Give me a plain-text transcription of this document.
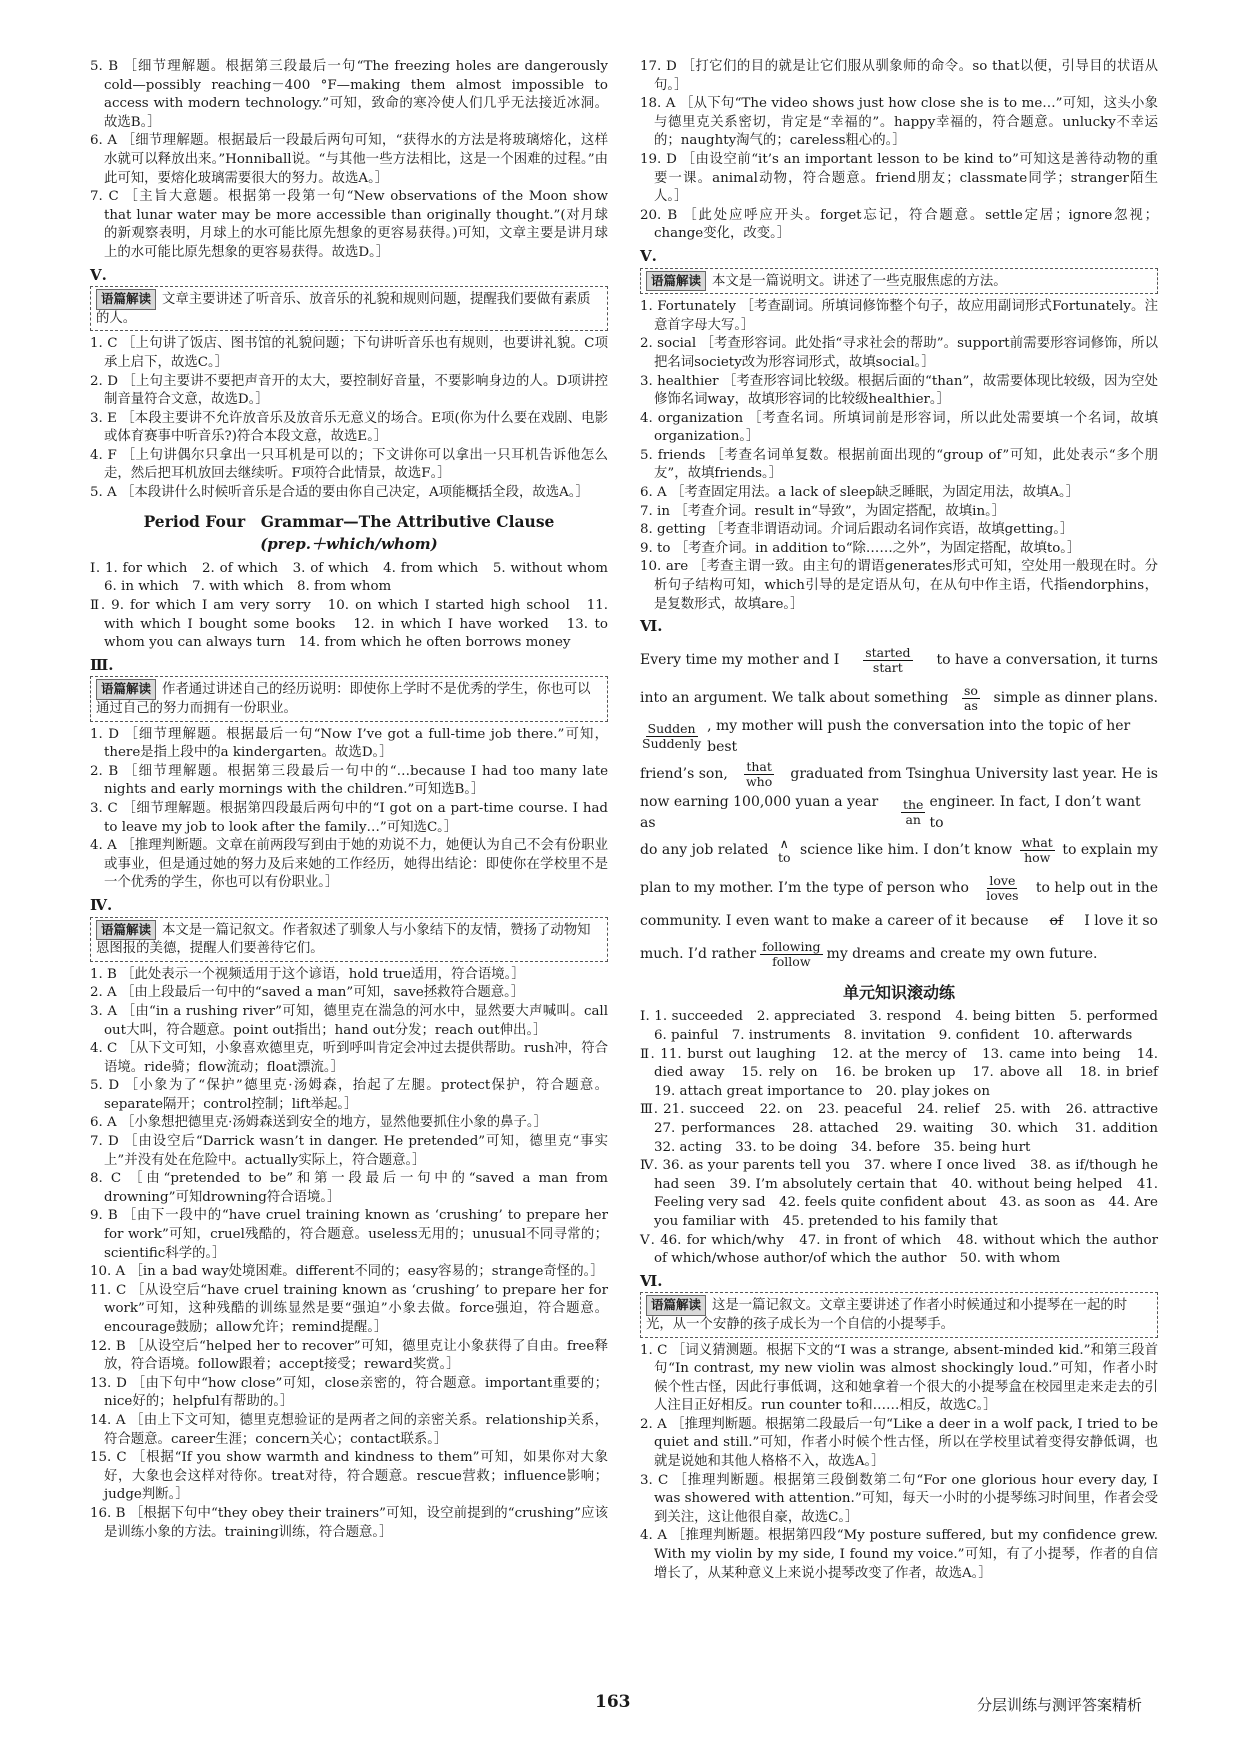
5. B ［细节理解题。根据第三段最后一句“The freezing holes are dangerously cold—possibly reaching－400 °F—making them almost impossible to access with modern technology.”可知，致命的寒冷使人们几乎无法接近冰洞。故选B。］

6. A ［细节理解题。根据最后一段最后两句可知，“获得水的方法是将玻璃熔化，这样水就可以释放出来。”Honniball说。“与其他一些方法相比，这是一个困难的过程。”由此可知，要熔化玻璃需要很大的努力。故选A。］

7. C ［主旨大意题。根据第一段第一句“New observations of the Moon show that lunar water may be more accessible than originally thought.”(对月球的新观察表明，月球上的水可能比原先想象的更容易获得。)可知，文章主要是讲月球上的水可能比原先想象的更容易获得。故选D。］

Ⅴ.
语篇解读 文章主要讲述了听音乐、放音乐的礼貌和规则问题，提醒我们要做有素质的人。

1. C ［上句讲了饭店、图书馆的礼貌问题；下句讲听音乐也有规则，也要讲礼貌。C项承上启下，故选C。］

2. D ［上句主要讲不要把声音开的太大，要控制好音量，不要影响身边的人。D项讲控制音量符合文意，故选D。］

3. E ［本段主要讲不允许放音乐及放音乐无意义的场合。E项(你为什么要在戏剧、电影或体育赛事中听音乐?)符合本段文意，故选E。］

4. F ［上句讲偶尔只拿出一只耳机是可以的；下文讲你可以拿出一只耳机告诉他怎么走，然后把耳机放回去继续听。F项符合此情景，故选F。］

5. A ［本段讲什么时候听音乐是合适的要由你自己决定，A项能概括全段，故选A。］

Period Four　Grammar—The Attributive Clause
(prep.＋which/whom)

Ⅰ. 1. for which　2. of which　3. of which　4. from which　5. without whom　6. in which　7. with which　8. from whom

Ⅱ. 9. for which I am very sorry　10. on which I started high school　11. with which I bought some books　12. in which I have worked　13. to whom you can always turn　14. from which he often borrows money

Ⅲ.
语篇解读 作者通过讲述自己的经历说明：即使你上学时不是优秀的学生，你也可以通过自己的努力而拥有一份职业。

1. D ［细节理解题。根据最后一句“Now I’ve got a full-time job there.”可知，there是指上段中的a kindergarten。故选D。］

2. B ［细节理解题。根据第三段最后一句中的“…because I had too many late nights and early mornings with the children.”可知选B。］

3. C ［细节理解题。根据第四段最后两句中的“I got on a part-time course. I had to leave my job to look after the family…”可知选C。］

4. A ［推理判断题。文章在前两段写到由于她的劝说不力，她便认为自己不会有份职业或事业，但是通过她的努力及后来她的工作经历，她得出结论：即使你在学校里不是一个优秀的学生，你也可以有份职业。］

Ⅳ.
语篇解读 本文是一篇记叙文。作者叙述了驯象人与小象结下的友情，赞扬了动物知恩图报的美德，提醒人们要善待它们。

1. B ［此处表示一个视频适用于这个谚语，hold true适用，符合语境。］

2. A ［由上段最后一句中的“saved a man”可知，save拯救符合题意。］

3. A ［由“in a rushing river”可知，德里克在湍急的河水中，显然要大声喊叫。call out大叫，符合题意。point out指出；hand out分发；reach out伸出。］

4. C ［从下文可知，小象喜欢德里克，听到呼叫肯定会冲过去提供帮助。rush冲，符合语境。ride骑；flow流动；float漂流。］

5. D ［小象为了“保护”德里克·汤姆森，抬起了左腿。protect保护，符合题意。separate隔开；control控制；lift举起。］

6. A ［小象想把德里克·汤姆森送到安全的地方，显然他要抓住小象的鼻子。］

7. D ［由设空后“Darrick wasn’t in danger. He pretended”可知，德里克“事实上”并没有处在危险中。actually实际上，符合题意。］

8. C ［由“pretended to be”和第一段最后一句中的“saved a man from drowning”可知drowning符合语境。］

9. B ［由下一段中的“have cruel training known as ‘crushing’ to prepare her for work”可知，cruel残酷的，符合题意。useless无用的；unusual不同寻常的；scientific科学的。］

10. A ［in a bad way处境困难。different不同的；easy容易的；strange奇怪的。］

11. C ［从设空后“have cruel training known as ‘crushing’ to prepare her for work”可知，这种残酷的训练显然是要“强迫”小象去做。force强迫，符合题意。encourage鼓励；allow允许；remind提醒。］

12. B ［从设空后“helped her to recover”可知，德里克让小象获得了自由。free释放，符合语境。follow跟着；accept接受；reward奖赏。］

13. D ［由下句中“how close”可知，close亲密的，符合题意。important重要的；nice好的；helpful有帮助的。］

14. A ［由上下文可知，德里克想验证的是两者之间的亲密关系。relationship关系，符合题意。career生涯；concern关心；contact联系。］

15. C ［根据“If you show warmth and kindness to them”可知，如果你对大象好，大象也会这样对待你。treat对待，符合题意。rescue营救；influence影响；judge判断。］

16. B ［根据下句中“they obey their trainers”可知，设空前提到的“crushing”应该是训练小象的方法。training训练，符合题意。］

17. D ［打它们的目的就是让它们服从驯象师的命令。so that以便，引导目的状语从句。］

18. A ［从下句“The video shows just how close she is to me…”可知，这头小象与德里克关系密切，肯定是“幸福的”。happy幸福的，符合题意。unlucky不幸运的；naughty淘气的；careless粗心的。］

19. D ［由设空前“it’s an important lesson to be kind to”可知这是善待动物的重要一课。animal动物，符合题意。friend朋友；classmate同学；stranger陌生人。］

20. B ［此处应呼应开头。forget忘记，符合题意。settle定居；ignore忽视；change变化，改变。］

Ⅴ.
语篇解读 本文是一篇说明文。讲述了一些克服焦虑的方法。

1. Fortunately ［考查副词。所填词修饰整个句子，故应用副词形式Fortunately。注意首字母大写。］

2. social ［考查形容词。此处指“寻求社会的帮助”。support前需要形容词修饰，所以把名词society改为形容词形式，故填social。］

3. healthier ［考查形容词比较级。根据后面的“than”，故需要体现比较级，因为空处修饰名词way，故填形容词的比较级healthier。］

4. organization ［考查名词。所填词前是形容词，所以此处需要填一个名词，故填organization。］

5. friends ［考查名词单复数。根据前面出现的“group of”可知，此处表示“多个朋友”，故填friends。］

6. A ［考查固定用法。a lack of sleep缺乏睡眠，为固定用法，故填A。］

7. in ［考查介词。result in“导致”，为固定搭配，故填in。］

8. getting ［考查非谓语动词。介词后跟动名词作宾语，故填getting。］

9. to ［考查介词。in addition to“除……之外”，为固定搭配，故填to。］

10. are ［考查主谓一致。由主句的谓语generates形式可知，空处用一般现在时。分析句子结构可知，which引导的是定语从句，在从句中作主语，代指endorphins，是复数形式，故填are。］

Ⅵ.
Every time my mother and I started
start to have a conversation, it turns
into an argument. We talk about something so
as simple as dinner plans.
Sudden
Suddenly
, my mother will push the conversation into the topic of her best
friend’s son, that
who graduated from Tsinghua University last year. He is
now earning 100,000 yuan a year as
the
an
engineer. In fact, I don’t want to
do any job related ∧
to science like him. I don’t know what
how to explain my
plan to my mother. I’m the type of person who love
loves to help out in the
community. I even want to make a career of it because of I love it so
much. I’d rather following
follow my dreams and create my own future.
单元知识滚动练

Ⅰ. 1. succeeded　2. appreciated　3. respond　4. being bitten　5. performed　6. painful　7. instruments　8. invitation　9. confident　10. afterwards

Ⅱ. 11. burst out laughing　12. at the mercy of　13. came into being　14. died away　15. rely on　16. be broken up　17. above all　18. in brief　19. attach great importance to　20. play jokes on

Ⅲ. 21. succeed　22. on　23. peaceful　24. relief　25. with　26. attractive　27. performances　28. attached　29. waiting　30. which　31. addition　32. acting　33. to be doing　34. before　35. being hurt

Ⅳ. 36. as your parents tell you　37. where I once lived　38. as if/though he had seen　39. I’m absolutely certain that　40. without being helped　41. Feeling very sad　42. feels quite confident about　43. as soon as　44. Are you familiar with　45. pretended to his family that

Ⅴ. 46. for which/why　47. in front of which　48. without which the author of which/whose author/of which the author　50. with whom

Ⅵ.
语篇解读 这是一篇记叙文。文章主要讲述了作者小时候通过和小提琴在一起的时光，从一个安静的孩子成长为一个自信的小提琴手。

1. C ［词义猜测题。根据下文的“I was a strange, absent-minded kid.”和第三段首句“In contrast, my new violin was almost shockingly loud.”可知，作者小时候个性古怪，因此行事低调，这和她拿着一个很大的小提琴盒在校园里走来走去的引人注目正好相反。run counter to和……相反，故选C。］

2. A ［推理判断题。根据第二段最后一句“Like a deer in a wolf pack, I tried to be quiet and still.”可知，作者小时候个性古怪，所以在学校里试着变得安静低调，也就是说她和其他人格格不入，故选A。］

3. C ［推理判断题。根据第三段倒数第二句“For one glorious hour every day, I was showered with attention.”可知，每天一小时的小提琴练习时间里，作者会受到关注，这让他很自豪，故选C。］

4. A ［推理判断题。根据第四段“My posture suffered, but my confidence grew. With my violin by my side, I found my voice.”可知，有了小提琴，作者的自信增长了，从某种意义上来说小提琴改变了作者，故选A。］

163	分层训练与测评答案精析
